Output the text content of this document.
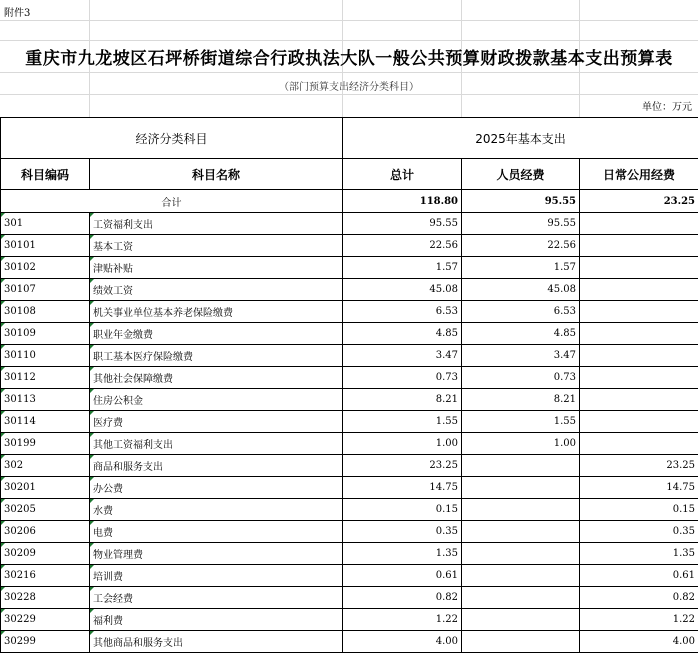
附件3
重庆市九龙坡区石坪桥街道综合行政执法大队一般公共预算财政拨款基本支出预算表
（部门预算支出经济分类科目）
单位：万元
经济分类科目		2025年基本支出		
科目编码	科目名称	总计	人员经费	日常公用经费
合计		118.80	95.55	23.25
301	工资福利支出	95.55	95.55	
30101	基本工资	22.56	22.56	
30102	津贴补贴	1.57	1.57	
30107	绩效工资	45.08	45.08	
30108	机关事业单位基本养老保险缴费	6.53	6.53	
30109	职业年金缴费	4.85	4.85	
30110	职工基本医疗保险缴费	3.47	3.47	
30112	其他社会保障缴费	0.73	0.73	
30113	住房公积金	8.21	8.21	
30114	医疗费	1.55	1.55	
30199	其他工资福利支出	1.00	1.00	
302	商品和服务支出	23.25		23.25
30201	办公费	14.75		14.75
30205	水费	0.15		0.15
30206	电费	0.35		0.35
30209	物业管理费	1.35		1.35
30216	培训费	0.61		0.61
30228	工会经费	0.82		0.82
30229	福利费	1.22		1.22
30299	其他商品和服务支出	4.00		4.00
